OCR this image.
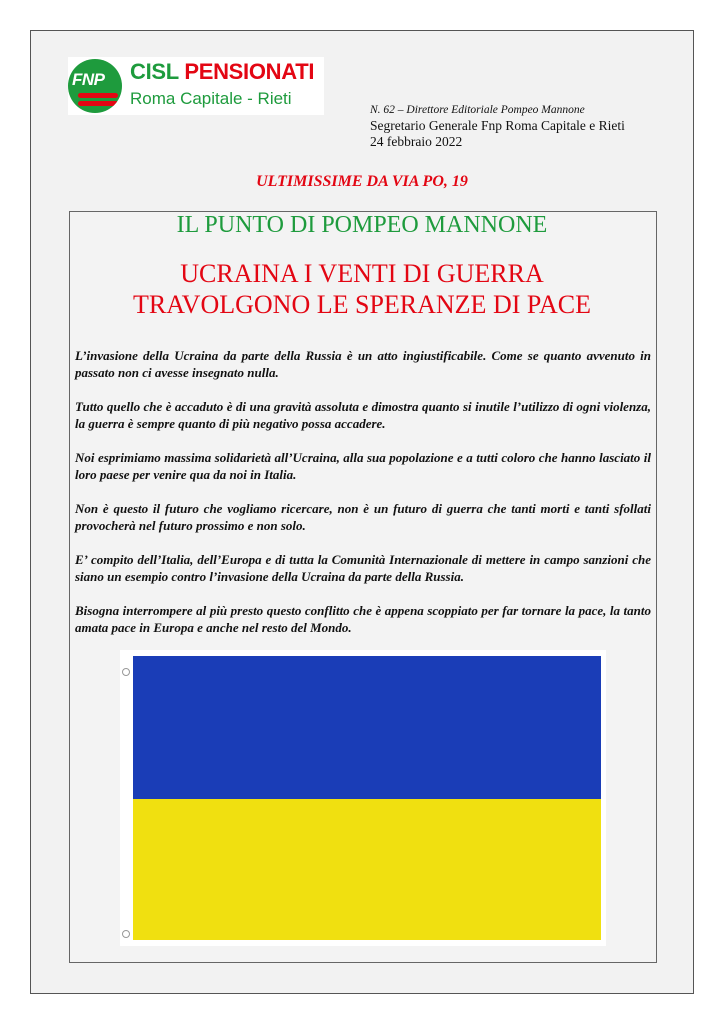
FNP CISL PENSIONATI
Roma Capitale - Rieti
N. 62 – Direttore Editoriale Pompeo Mannone
Segretario Generale Fnp Roma Capitale e Rieti
24 febbraio 2022
ULTIMISSIME DA VIA PO, 19
IL PUNTO DI POMPEO MANNONE
UCRAINA I VENTI DI GUERRA
TRAVOLGONO LE SPERANZE DI PACE

L’invasione della Ucraina da parte della Russia è un atto ingiustificabile. Come se quanto avvenuto in passato non ci avesse insegnato nulla.

Tutto quello che è accaduto è di una gravità assoluta e dimostra quanto si inutile l’utilizzo di ogni violenza, la guerra è sempre quanto di più negativo possa accadere.

Noi esprimiamo massima solidarietà all’Ucraina, alla sua popolazione e a tutti coloro che hanno lasciato il loro paese per venire qua da noi in Italia.

Non è questo il futuro che vogliamo ricercare, non è un futuro di guerra che tanti morti e tanti sfollati provocherà nel futuro prossimo e non solo.

E’ compito dell’Italia, dell’Europa e di tutta la Comunità Internazionale di mettere in campo sanzioni che siano un esempio contro l’invasione della Ucraina da parte della Russia.

Bisogna interrompere al più presto questo conflitto che è appena scoppiato per far tornare la pace, la tanto amata pace in Europa e anche nel resto del Mondo.
